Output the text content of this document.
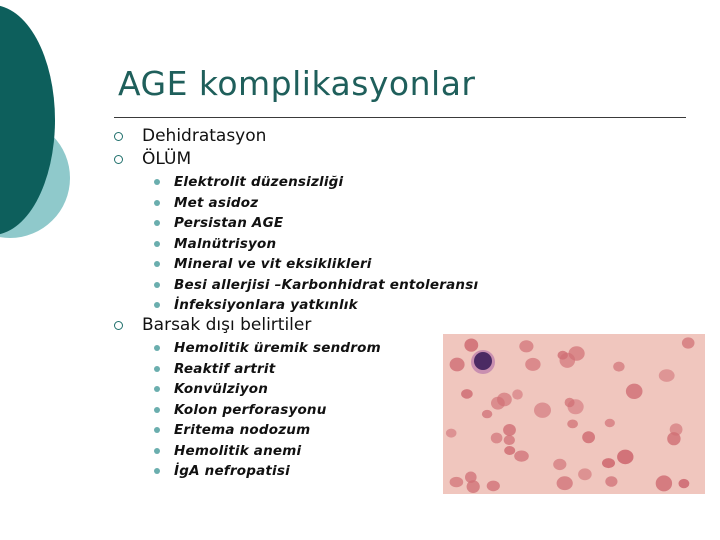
AGE komplikasyonlar
Dehidratasyon
ÖLÜM
Elektrolit düzensizliği
Met asidoz
Persistan AGE
Malnütrisyon
Mineral ve vit eksiklikleri
Besi allerjisi –Karbonhidrat entoleransı
İnfeksiyonlara yatkınlık
Barsak dışı belirtiler
Hemolitik üremik sendrom
Reaktif artrit
Konvülziyon
Kolon perforasyonu
Eritema nodozum
Hemolitik anemi
İgA nefropatisi
